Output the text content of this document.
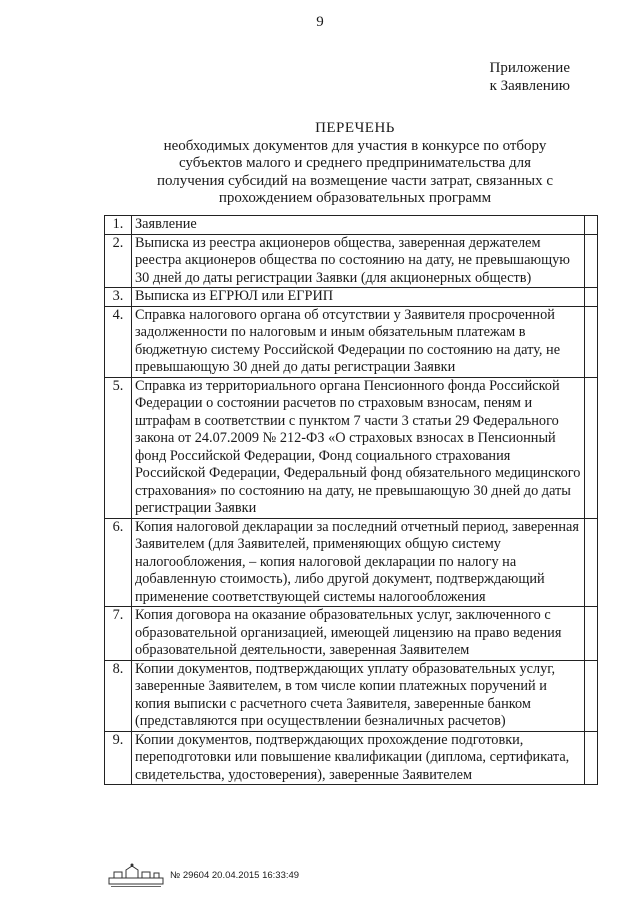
9
Приложение
к Заявлению
ПЕРЕЧЕНЬ
необходимых документов для участия в конкурсе по отбору
субъектов малого и среднего предпринимательства для
получения субсидий на возмещение части затрат, связанных с
прохождением образовательных программ
1.	Заявление	
2.	Выписка из реестра акционеров общества, заверенная держателем реестра акционеров общества по состоянию на дату, не превышающую 30 дней до даты регистрации Заявки (для акционерных обществ)	
3.	Выписка из ЕГРЮЛ или ЕГРИП	
4.	Справка налогового органа об отсутствии у Заявителя просроченной задолженности по налоговым и иным обязательным платежам в бюджетную систему Российской Федерации по состоянию на дату, не превышающую 30 дней до даты регистрации Заявки	
5.	Справка из территориального органа Пенсионного фонда Российской Федерации о состоянии расчетов по страховым взносам, пеням и штрафам в соответствии с пунктом 7 части 3 статьи 29 Федерального закона от 24.07.2009 № 212-ФЗ «О страховых взносах в Пенсионный фонд Российской Федерации, Фонд социального страхования Российской Федерации, Федеральный фонд обязательного медицинского страхования» по состоянию на дату, не превышающую 30 дней до даты регистрации Заявки	
6.	Копия налоговой декларации за последний отчетный период, заверенная Заявителем (для Заявителей, применяющих общую систему налогообложения, – копия налоговой декларации по налогу на добавленную стоимость), либо другой документ, подтверждающий применение соответствующей системы налогообложения	
7.	Копия договора на оказание образовательных услуг, заключенного с образовательной организацией, имеющей лицензию на право ведения образовательной деятельности, заверенная Заявителем	
8.	Копии документов, подтверждающих уплату образовательных услуг, заверенные Заявителем, в том числе копии платежных поручений и копия выписки с расчетного счета Заявителя, заверенные банком (представляются при осуществлении безналичных расчетов)	
9.	Копии документов, подтверждающих прохождение подготовки, переподготовки или повышение квалификации (диплома, сертификата, свидетельства, удостоверения), заверенные Заявителем	
№ 29604 20.04.2015 16:33:49
